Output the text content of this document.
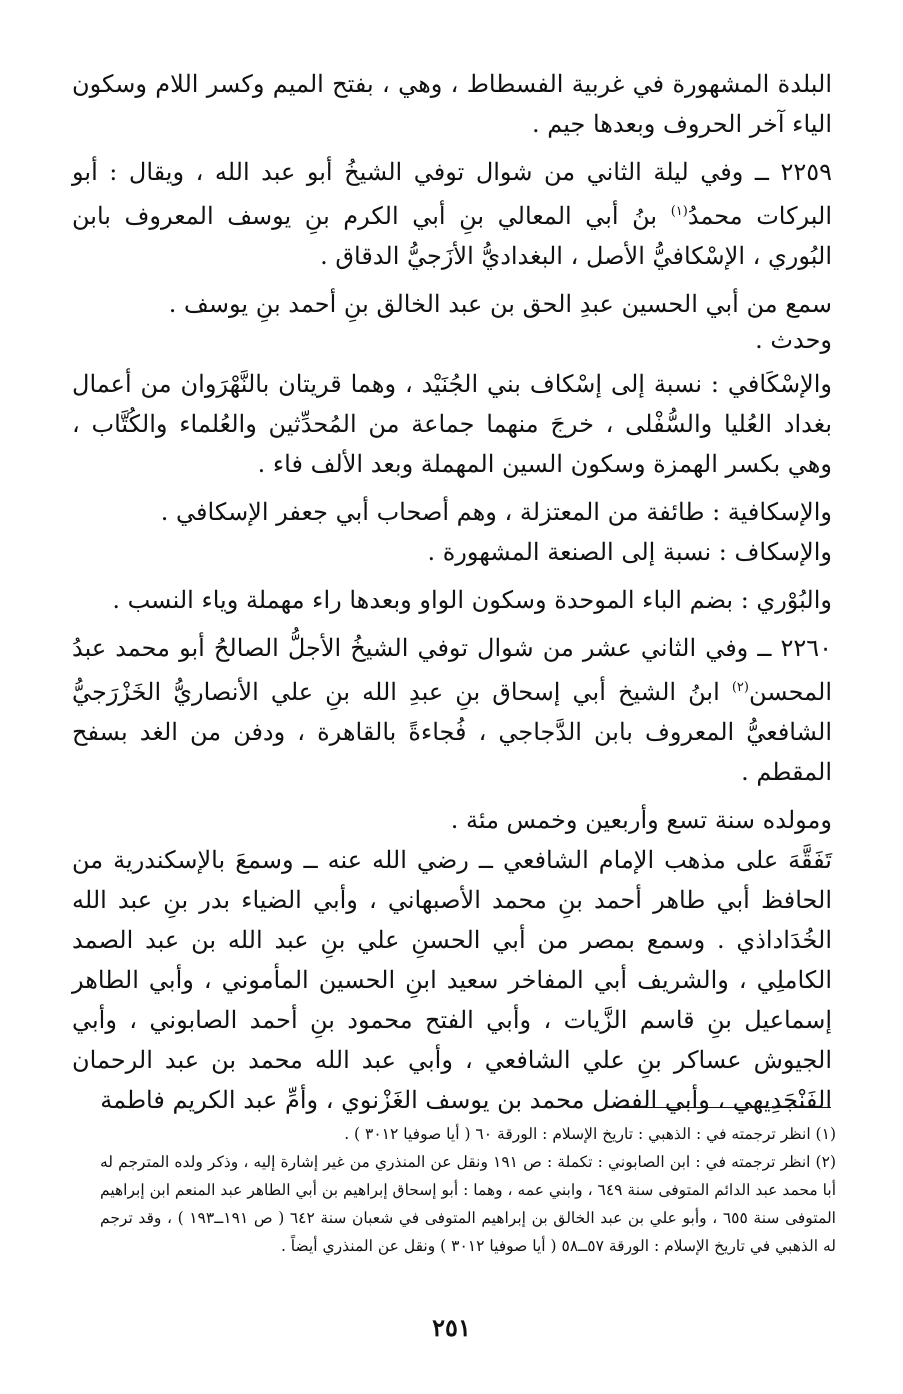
البلدة المشهورة في غربية الفسطاط ، وهي ، بفتح الميم وكسر اللام وسكون الياء آخر الحروف وبعدها جيم .

٢٢٥٩ ــ وفي ليلة الثاني من شوال توفي الشيخُ أبو عبد الله ، ويقال : أبو البركات محمدُ$^{(١)}$ بنُ أبي المعالي بنِ أبي الكرم بنِ يوسف المعروف بابن البُوري ، الإسْكافيُّ الأصل ، البغداديُّ الأزَجيُّ الدقاق .

سمع من أبي الحسين عبدِ الحق بن عبد الخالق بنِ أحمد بنِ يوسف .

وحدث .

والإسْكَافي : نسبة إلى إسْكاف بني الجُنَيْد ، وهما قريتان بالنَّهْرَوان من أعمال بغداد العُليا والسُّفْلى ، خرجَ منهما جماعة من المُحدِّثين والعُلماء والكُتَّاب ، وهي بكسر الهمزة وسكون السين المهملة وبعد الألف فاء .

والإسكافية : طائفة من المعتزلة ، وهم أصحاب أبي جعفر الإسكافي .

والإسكاف : نسبة إلى الصنعة المشهورة .

والبُوْري : بضم الباء الموحدة وسكون الواو وبعدها راء مهملة وياء النسب .

٢٢٦٠ ــ وفي الثاني عشر من شوال توفي الشيخُ الأجلُّ الصالحُ أبو محمد عبدُ المحسن$^{(٢)}$ ابنُ الشيخ أبي إسحاق بنِ عبدِ الله بنِ علي الأنصاريُّ الخَزْرَجيُّ الشافعيُّ المعروف بابن الدَّجاجي ، فُجاءةً بالقاهرة ، ودفن من الغد بسفح المقطم .

ومولده سنة تسع وأربعين وخمس مئة .

تَفَقَّهَ على مذهب الإمام الشافعي ــ رضي الله عنه ــ وسمعَ بالإسكندرية من الحافظ أبي طاهر أحمد بنِ محمد الأصبهاني ، وأبي الضياء بدر بنِ عبد الله الخُدَاداذي . وسمع بمصر من أبي الحسنِ علي بنِ عبد الله بن عبد الصمد الكاملِي ، والشريف أبي المفاخر سعيد ابنِ الحسين المأموني ، وأبي الطاهر إسماعيل بنِ قاسم الزَّيات ، وأبي الفتح محمود بنِ أحمد الصابوني ، وأبي الجيوش عساكر بنِ علي الشافعي ، وأبي عبد الله محمد بن عبد الرحمان الفَنْجَدِيهي ، وأبي الفضل محمد بن يوسف الغَزْنوي ، وأمِّ عبد الكريم فاطمة

(١) انظر ترجمته في : الذهبي : تاريخ الإسلام : الورقة ٦٠ ( أيا صوفيا ٣٠١٢ ) .

(٢) انظر ترجمته في : ابن الصابوني : تكملة : ص ١٩١ ونقل عن المنذري من غير إشارة إليه ، وذكر ولده المترجم له أبا محمد عبد الدائم المتوفى سنة ٦٤٩ ، وابني عمه ، وهما : أبو إسحاق إبراهيم بن أبي الطاهر عبد المنعم ابن إبراهيم المتوفى سنة ٦٥٥ ، وأبو علي بن عبد الخالق بن إبراهيم المتوفى في شعبان سنة ٦٤٢ ( ص ١٩١ــ١٩٣ ) ، وقد ترجم له الذهبي في تاريخ الإسلام : الورقة ٥٧ــ٥٨ ( أيا صوفيا ٣٠١٢ ) ونقل عن المنذري أيضاً .

٢٥١
